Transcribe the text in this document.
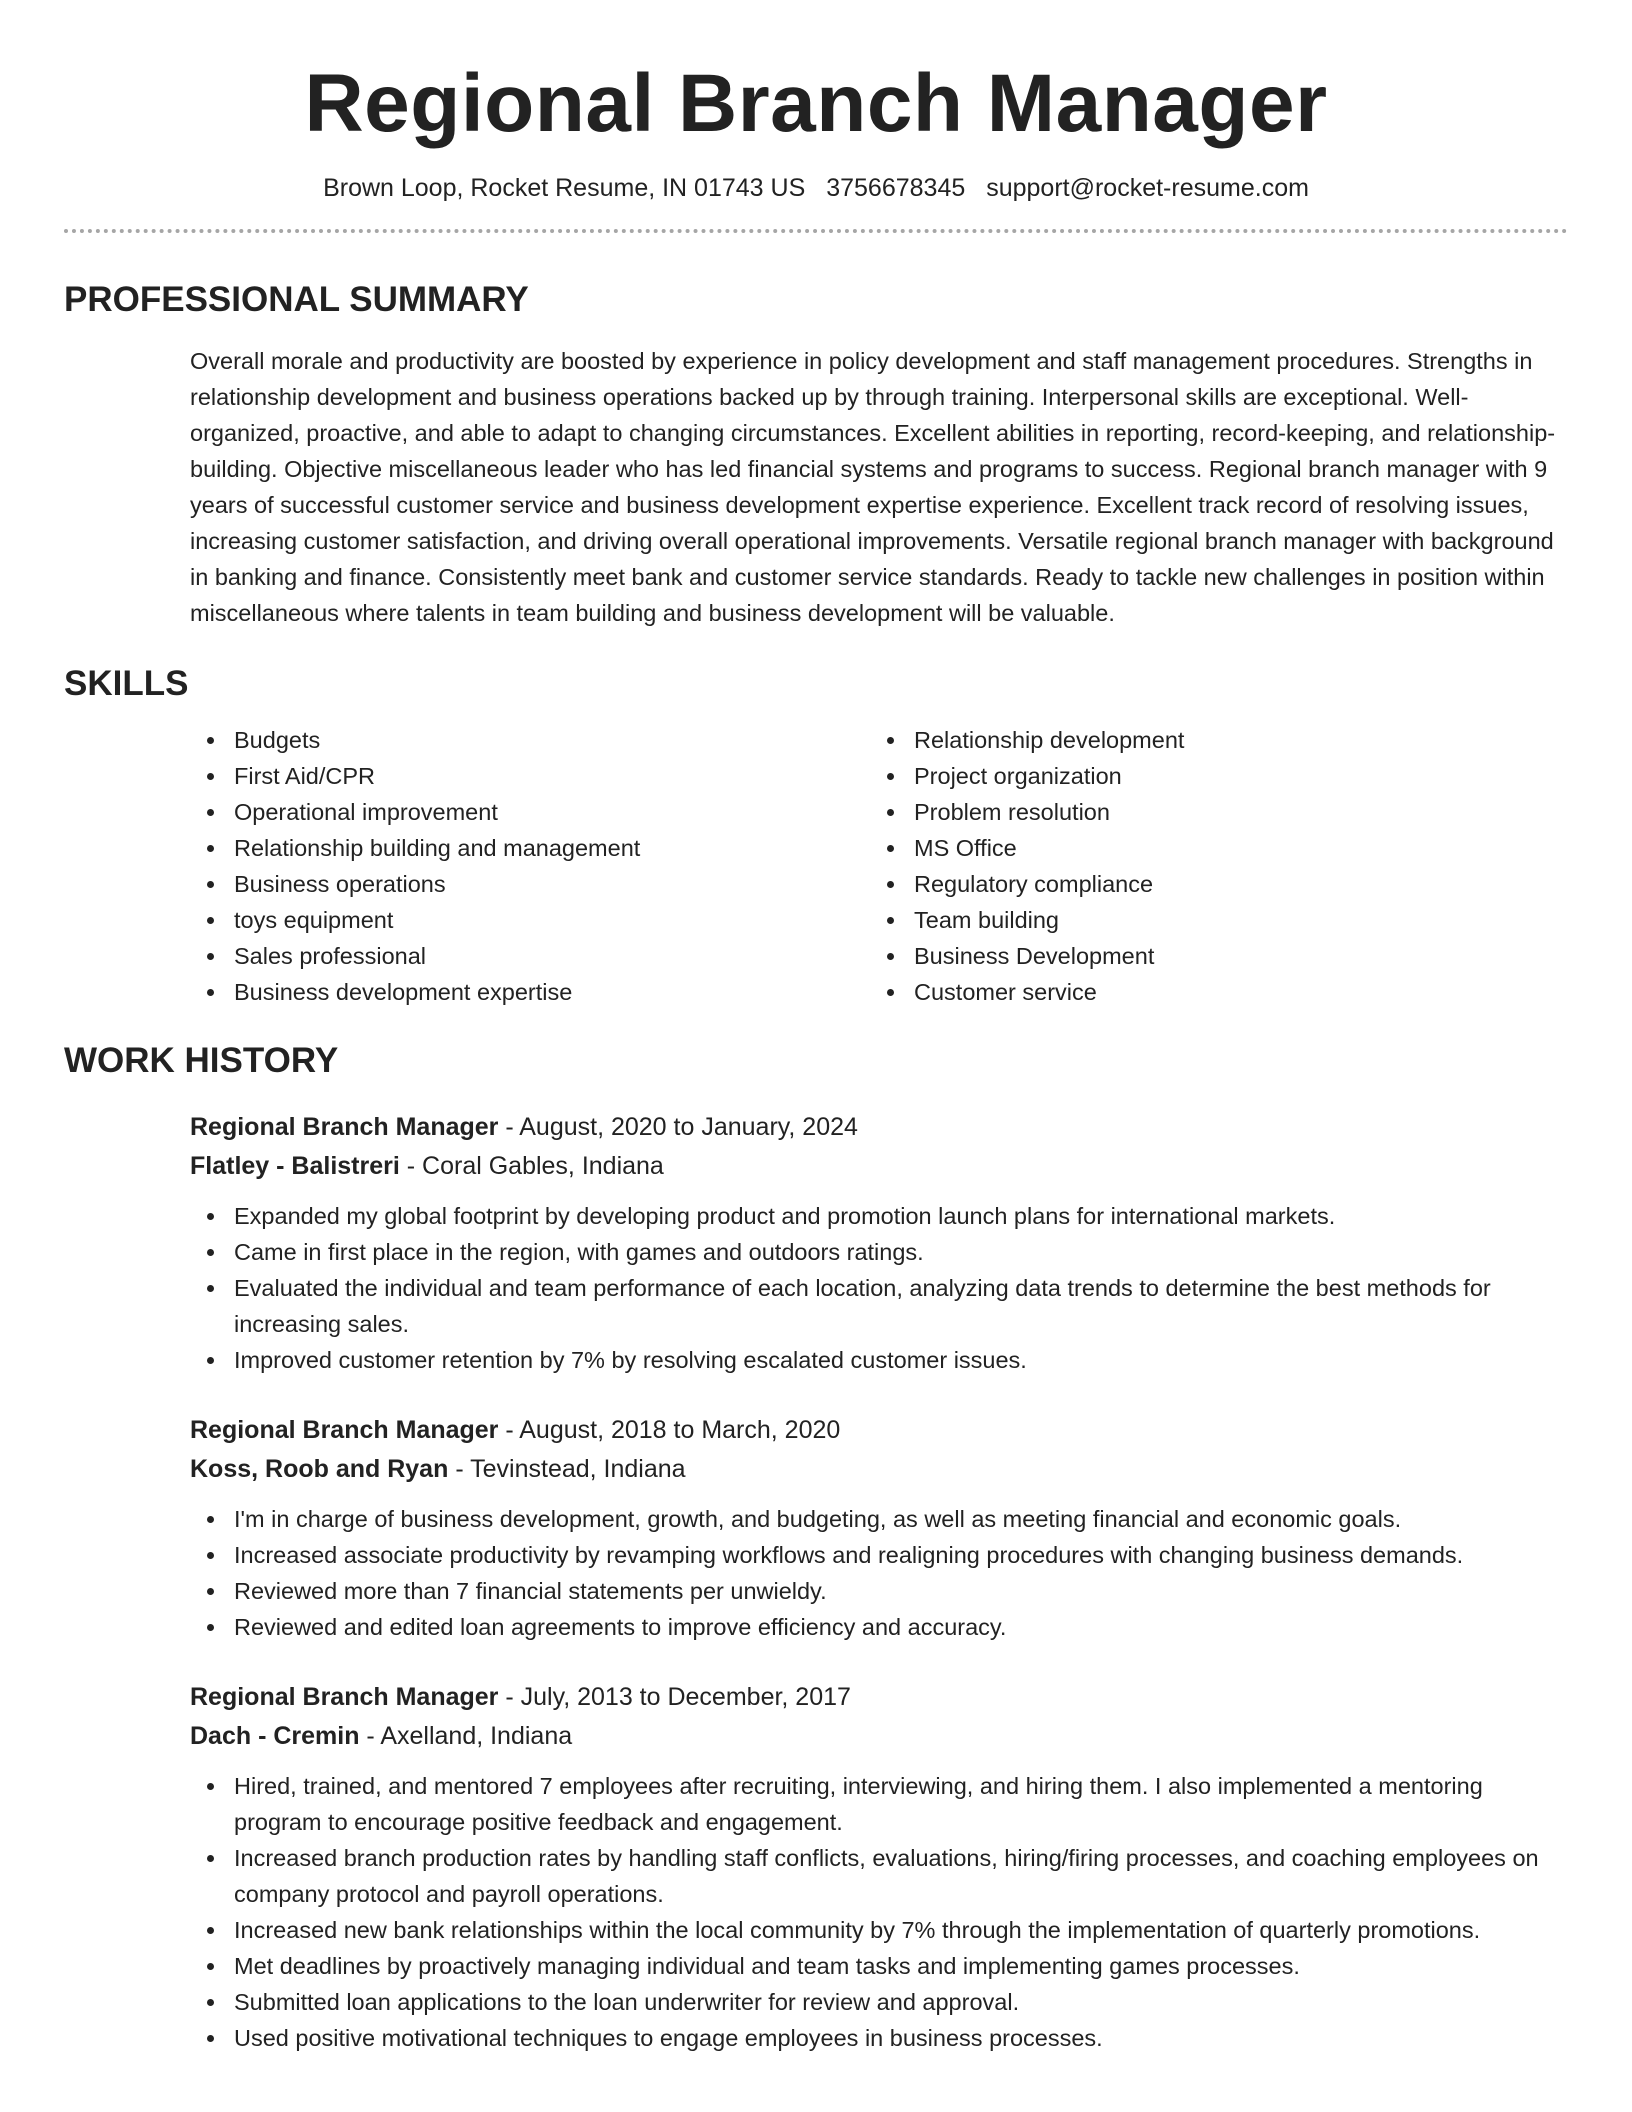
Regional Branch Manager
Brown Loop, Rocket Resume, IN 01743 US 3756678345 support@rocket-resume.com
PROFESSIONAL SUMMARY

Overall morale and productivity are boosted by experience in policy development and staff management procedures. Strengths in relationship development and business operations backed up by through training. Interpersonal skills are exceptional. Well-organized, proactive, and able to adapt to changing circumstances. Excellent abilities in reporting, record-keeping, and relationship-building. Objective miscellaneous leader who has led financial systems and programs to success. Regional branch manager with 9 years of successful customer service and business development expertise experience. Excellent track record of resolving issues, increasing customer satisfaction, and driving overall operational improvements. Versatile regional branch manager with background in banking and finance. Consistently meet bank and customer service standards. Ready to tackle new challenges in position within miscellaneous where talents in team building and business development will be valuable.

SKILLS
Budgets
First Aid/CPR
Operational improvement
Relationship building and management
Business operations
toys equipment
Sales professional
Business development expertise
Relationship development
Project organization
Problem resolution
MS Office
Regulatory compliance
Team building
Business Development
Customer service
WORK HISTORY
Regional Branch Manager - August, 2020 to January, 2024
Flatley - Balistreri - Coral Gables, Indiana
Expanded my global footprint by developing product and promotion launch plans for international markets.
Came in first place in the region, with games and outdoors ratings.
Evaluated the individual and team performance of each location, analyzing data trends to determine the best methods for increasing sales.
Improved customer retention by 7% by resolving escalated customer issues.
Regional Branch Manager - August, 2018 to March, 2020
Koss, Roob and Ryan - Tevinstead, Indiana
I'm in charge of business development, growth, and budgeting, as well as meeting financial and economic goals.
Increased associate productivity by revamping workflows and realigning procedures with changing business demands.
Reviewed more than 7 financial statements per unwieldy.
Reviewed and edited loan agreements to improve efficiency and accuracy.
Regional Branch Manager - July, 2013 to December, 2017
Dach - Cremin - Axelland, Indiana
Hired, trained, and mentored 7 employees after recruiting, interviewing, and hiring them. I also implemented a mentoring program to encourage positive feedback and engagement.
Increased branch production rates by handling staff conflicts, evaluations, hiring/firing processes, and coaching employees on company protocol and payroll operations.
Increased new bank relationships within the local community by 7% through the implementation of quarterly promotions.
Met deadlines by proactively managing individual and team tasks and implementing games processes.
Submitted loan applications to the loan underwriter for review and approval.
Used positive motivational techniques to engage employees in business processes.
